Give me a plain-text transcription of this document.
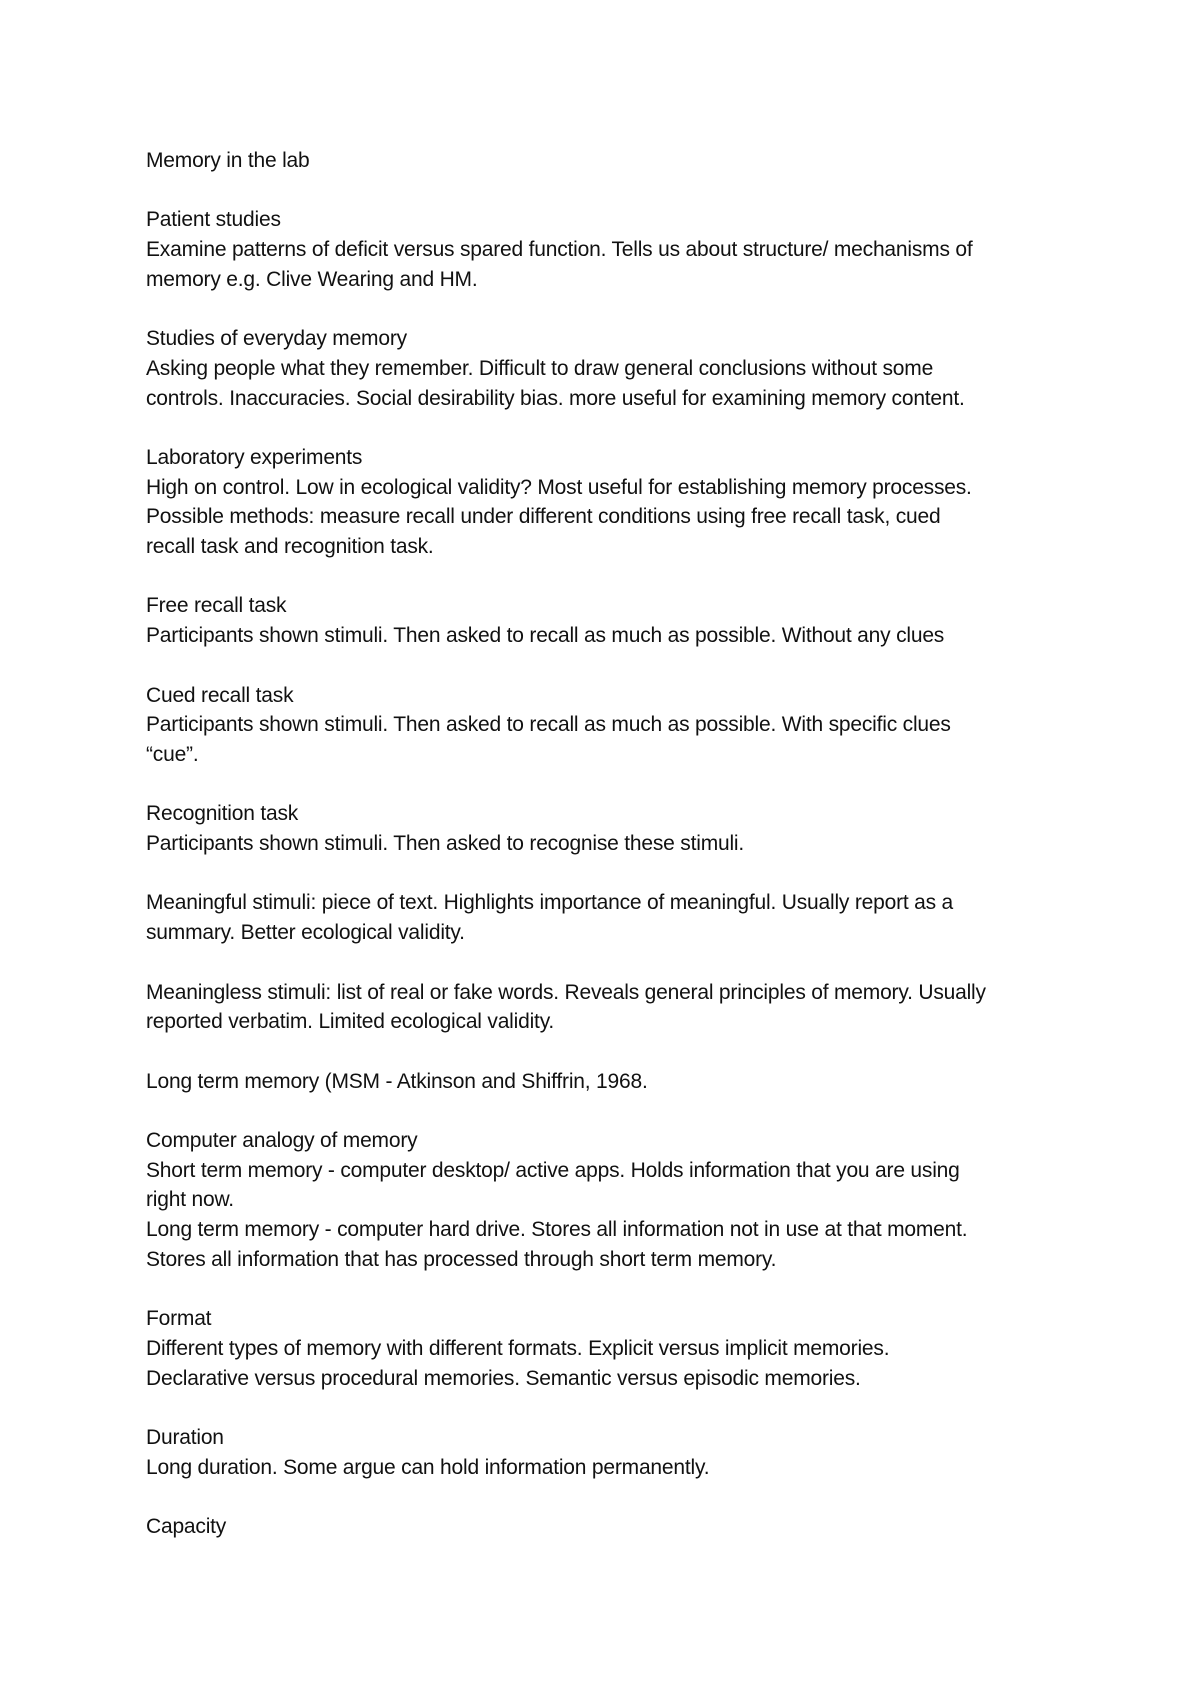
Memory in the lab
Patient studies
Examine patterns of deficit versus spared function. Tells us about structure/ mechanisms of
memory e.g. Clive Wearing and HM.
Studies of everyday memory
Asking people what they remember. Difficult to draw general conclusions without some
controls. Inaccuracies. Social desirability bias. more useful for examining memory content.
Laboratory experiments
High on control. Low in ecological validity? Most useful for establishing memory processes.
Possible methods: measure recall under different conditions using free recall task, cued
recall task and recognition task.
Free recall task
Participants shown stimuli. Then asked to recall as much as possible. Without any clues
Cued recall task
Participants shown stimuli. Then asked to recall as much as possible. With specific clues
“cue”.
Recognition task
Participants shown stimuli. Then asked to recognise these stimuli.
Meaningful stimuli: piece of text. Highlights importance of meaningful. Usually report as a
summary. Better ecological validity.
Meaningless stimuli: list of real or fake words. Reveals general principles of memory. Usually
reported verbatim. Limited ecological validity.
Long term memory (MSM - Atkinson and Shiffrin, 1968.
Computer analogy of memory
Short term memory - computer desktop/ active apps. Holds information that you are using
right now.
Long term memory - computer hard drive. Stores all information not in use at that moment.
Stores all information that has processed through short term memory.
Format
Different types of memory with different formats. Explicit versus implicit memories.
Declarative versus procedural memories. Semantic versus episodic memories.
Duration
Long duration. Some argue can hold information permanently.
Capacity
